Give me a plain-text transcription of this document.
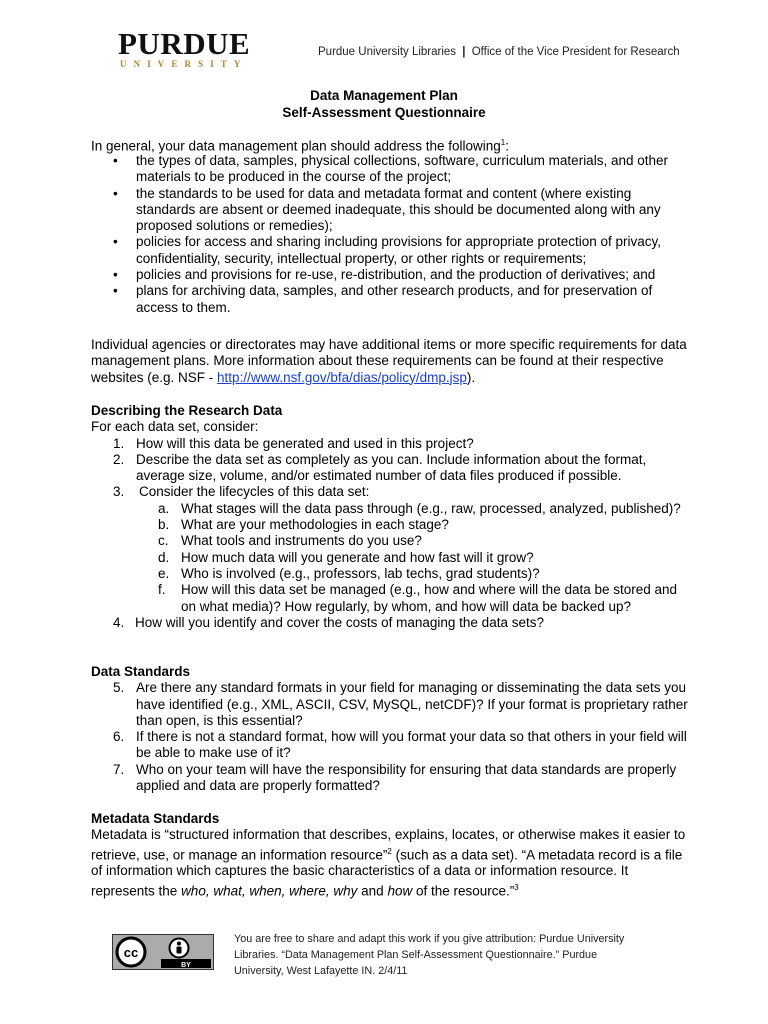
PURDUE
UNIVERSITY
Purdue University Libraries | Office of the Vice President for Research
Data Management Plan
Self-Assessment Questionnaire
In general, your data management plan should address the following$^1$:
• the types of data, samples, physical collections, software, curriculum materials, and other materials to be produced in the course of the project;
• the standards to be used for data and metadata format and content (where existing standards are absent or deemed inadequate, this should be documented along with any proposed solutions or remedies);
• policies for access and sharing including provisions for appropriate protection of privacy, confidentiality, security, intellectual property, or other rights or requirements;
• policies and provisions for re-use, re-distribution, and the production of derivatives; and
• plans for archiving data, samples, and other research products, and for preservation of access to them.
Individual agencies or directorates may have additional items or more specific requirements for data management plans. More information about these requirements can be found at their respective websites (e.g. NSF - http://www.nsf.gov/bfa/dias/policy/dmp.jsp).
Describing the Research Data
For each data set, consider:
1. How will this data be generated and used in this project?
2. Describe the data set as completely as you can. Include information about the format, average size, volume, and/or estimated number of data files produced if possible.
3. Consider the lifecycles of this data set:
a. What stages will the data pass through (e.g., raw, processed, analyzed, published)?
b. What are your methodologies in each stage?
c. What tools and instruments do you use?
d. How much data will you generate and how fast will it grow?
e. Who is involved (e.g., professors, lab techs, grad students)?
f. How will this data set be managed (e.g., how and where will the data be stored and on what media)? How regularly, by whom, and how will data be backed up?
4. How will you identify and cover the costs of managing the data sets?
Data Standards
5. Are there any standard formats in your field for managing or disseminating the data sets you have identified (e.g., XML, ASCII, CSV, MySQL, netCDF)? If your format is proprietary rather than open, is this essential?
6. If there is not a standard format, how will you format your data so that others in your field will be able to make use of it?
7. Who on your team will have the responsibility for ensuring that data standards are properly applied and data are properly formatted?
Metadata Standards
Metadata is “structured information that describes, explains, locates, or otherwise makes it easier to retrieve, use, or manage an information resource”$^2$ (such as a data set). “A metadata record is a file of information which captures the basic characteristics of a data or information resource. It represents the who, what, when, where, why and how of the resource.”$^3$
cc
BY
You are free to share and adapt this work if you give attribution: Purdue University Libraries. “Data Management Plan Self-Assessment Questionnaire.” Purdue University, West Lafayette IN. 2/4/11
